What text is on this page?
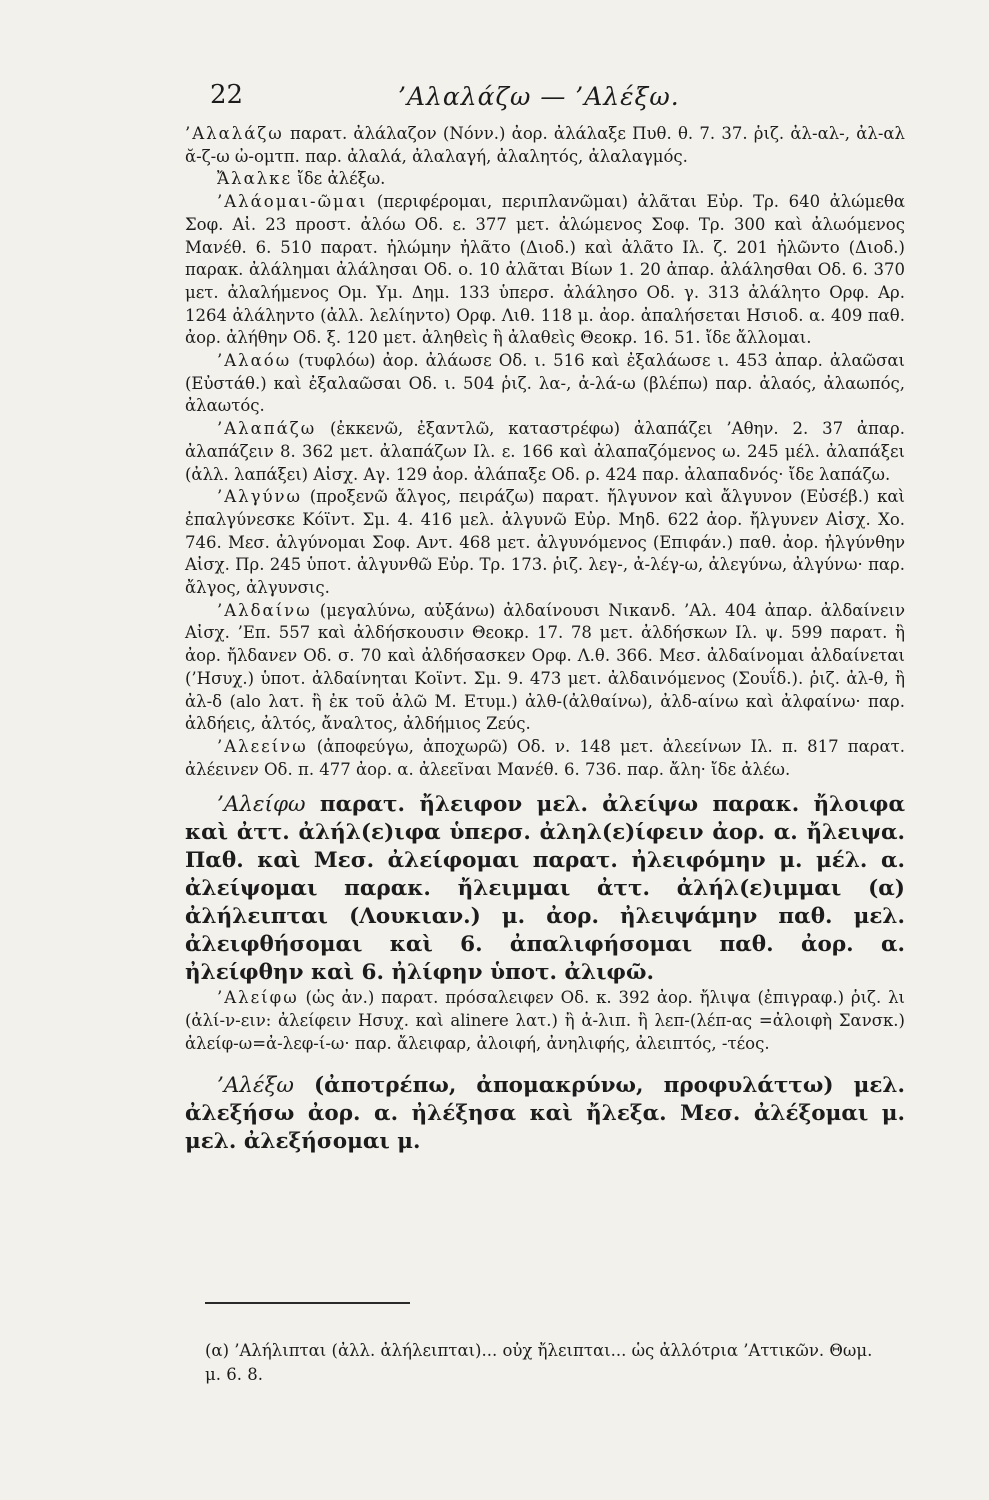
22	’Αλαλάζω — ’Αλέξω.

’Αλαλάζω παρατ. ἀλάλαζον (Νόνν.) ἀορ. ἀλάλαξε Πυθ. θ. 7. 37. ῥιζ. ἀλ-αλ-, ἀλ-αλ ᾰ-ζ-ω ὠ-ομτπ. παρ. ἀλαλά, ἀλαλαγή, ἀλαλητός, ἀλαλαγμός.

Ἄλαλκε ἴδε ἀλέξω.

’Αλάομαι-ῶμαι (περιφέρομαι, περιπλανῶμαι) ἀλᾶται Εὐρ. Τρ. 640 ἀλώμεθα Σοφ. Αἰ. 23 προστ. ἀλόω Οδ. ε. 377 μετ. ἀλώμενος Σοφ. Τρ. 300 καὶ ἀλωόμενος Μανέθ. 6. 510 παρατ. ἠλώμην ἠλᾶτο (Διοδ.) καὶ ἀλᾶτο Ιλ. ζ. 201 ἠλῶντο (Διοδ.) παρακ. ἀλάλημαι ἀλάλησαι Οδ. ο. 10 ἀλᾶται Βίων 1. 20 ἀπαρ. ἀλάλησθαι Οδ. 6. 370 μετ. ἀλαλήμενος Ομ. Υμ. Δημ. 133 ὑπερσ. ἀλάλησο Οδ. γ. 313 ἀλάλητο Ορφ. Αρ. 1264 ἀλάληντο (ἀλλ. λελίηντο) Ορφ. Λιθ. 118 μ. ἀορ. ἀπαλήσεται Ησιοδ. α. 409 παθ. ἀορ. ἀλήθην Οδ. ξ. 120 μετ. ἀληθεὶς ἢ ἀλαθεὶς Θεοκρ. 16. 51. ἴδε ἄλλομαι.

’Αλαόω (τυφλόω) ἀορ. ἀλάωσε Οδ. ι. 516 καὶ ἐξαλάωσε ι. 453 ἀπαρ. ἀλαῶσαι (Εὐστάθ.) καὶ ἐξαλαῶσαι Οδ. ι. 504 ῥιζ. λα-, ἀ-λά-ω (βλέπω) παρ. ἀλαός, ἀλαωπός, ἀλαωτός.

’Αλαπάζω (ἐκκενῶ, ἐξαντλῶ, καταστρέφω) ἀλαπάζει ’Αθην. 2. 37 ἀπαρ. ἀλαπάζειν 8. 362 μετ. ἀλαπάζων Ιλ. ε. 166 καὶ ἀλαπαζόμενος ω. 245 μέλ. ἀλαπάξει (ἀλλ. λαπάξει) Αἰσχ. Αγ. 129 ἀορ. ἀλάπαξε Οδ. ρ. 424 παρ. ἀλαπαδνός· ἴδε λαπάζω.

’Αλγύνω (προξενῶ ἄλγος, πειράζω) παρατ. ἤλγυνον καὶ ἄλγυνον (Εὐσέβ.) καὶ ἐπαλγύνεσκε Κόϊντ. Σμ. 4. 416 μελ. ἀλγυνῶ Εὐρ. Μηδ. 622 ἀορ. ἤλγυνεν Αἰσχ. Χο. 746. Μεσ. ἀλγύνομαι Σοφ. Αντ. 468 μετ. ἀλγυνόμενος (Επιφάν.) παθ. ἀορ. ἠλγύνθην Αἰσχ. Πρ. 245 ὑποτ. ἀλγυνθῶ Εὐρ. Τρ. 173. ῥιζ. λεγ-, ἀ-λέγ-ω, ἀλεγύνω, ἀλγύνω· παρ. ἄλγος, ἀλγυνσις.

’Αλδαίνω (μεγαλύνω, αὐξάνω) ἀλδαίνουσι Νικανδ. ’Αλ. 404 ἀπαρ. ἀλδαίνειν Αἰσχ. ’Επ. 557 καὶ ἀλδήσκουσιν Θεοκρ. 17. 78 μετ. ἀλδήσκων Ιλ. ψ. 599 παρατ. ἢ ἀορ. ἤλδανεν Οδ. σ. 70 καὶ ἀλδήσασκεν Ορφ. Λ.θ. 366. Μεσ. ἀλδαίνομαι ἀλδαίνεται (’Ησυχ.) ὑποτ. ἀλδαίνηται Κοϊντ. Σμ. 9. 473 μετ. ἀλδαινόμενος (Σουΐδ.). ῥιζ. ἀλ-θ, ἢ ἀλ-δ (alo λατ. ἢ ἐκ τοῦ ἀλῶ Μ. Ετυμ.) ἀλθ-(ἀλθαίνω), ἀλδ-αίνω καὶ ἀλφαίνω· παρ. ἀλδήεις, ἀλτός, ἄναλτος, ἀλδήμιος Ζεύς.

’Αλεείνω (ἀποφεύγω, ἀποχωρῶ) Οδ. ν. 148 μετ. ἀλεείνων Ιλ. π. 817 παρατ. ἀλέεινεν Οδ. π. 477 ἀορ. α. ἀλεεῖναι Μανέθ. 6. 736. παρ. ἄλη· ἴδε ἀλέω.

’Αλείφω παρατ. ἤλειφον μελ. ἀλείψω παρακ. ἤλοιφα καὶ ἀττ. ἀλήλ(ε)ιφα ὑπερσ. ἀληλ(ε)ίφειν ἀορ. α. ἤλειψα. Παθ. καὶ Μεσ. ἀλείφομαι παρατ. ἠλειφόμην μ. μέλ. α. ἀλείψομαι παρακ. ἤλειμμαι ἀττ. ἀλήλ(ε)ιμμαι (α) ἀλήλειπται (Λουκιαν.) μ. ἀορ. ἠλειψάμην παθ. μελ. ἀλειφθήσομαι καὶ 6. ἀπαλιφήσομαι παθ. ἀορ. α. ἠλείφθην καὶ 6. ἠλίφην ὑποτ. ἀλιφῶ.

’Αλείφω (ὡς ἀν.) παρατ. πρόσαλειφεν Οδ. κ. 392 ἀορ. ἤλιψα (ἐπιγραφ.) ῥιζ. λι (ἀλί-ν-ειν: ἀλείφειν Ησυχ. καὶ alinere λατ.) ἢ ἀ-λιπ. ἢ λεπ-(λέπ-ας =ἀλοιφὴ Σανσκ.) ἀλείφ-ω=ἀ-λεφ-ί-ω· παρ. ἄλειφαρ, ἀλοιφή, ἀνηλιφής, ἀλειπτός, -τέος.

’Αλέξω (ἀποτρέπω, ἀπομακρύνω, προφυλάττω) μελ. ἀλεξήσω ἀορ. α. ἠλέξησα καὶ ἤλεξα. Μεσ. ἀλέξομαι μ. μελ. ἀλεξήσομαι μ.

(α) ’Αλήλιπται (ἀλλ. ἀλήλειπται)... οὐχ ἤλειπται... ὡς ἀλλότρια ’Αττικῶν. Θωμ. μ. 6. 8.
